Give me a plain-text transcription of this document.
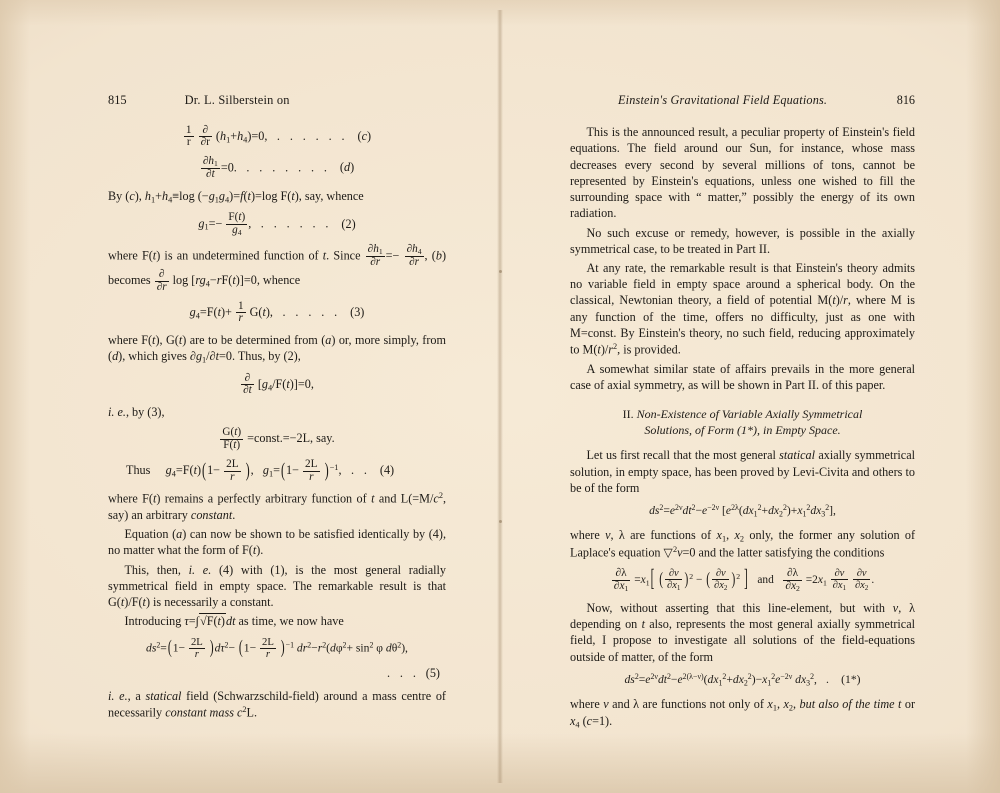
815	Dr. L. Silberstein on
$\frac{1}{r}$
$\frac{\partial}{\partial r} (h_1+h_4)=0$,  . . . . . .  (c)
$\frac{\partial h_1}{\partial t} =0$.  . . . . . . .  (d)

By (c), $h_1+h_4\equiv\log$ $(-g_1g_4)=f(t)=\log$ F(t), say, whence

$g_1=- \frac{F(t)}{g_4}$ ,  . . . . . .  (2)

where F(t) is an undetermined function of t. Since $\frac{\partial h_1}{\partial r} =- \frac{\partial h_4}{\partial r}$ , (b) becomes $\frac{\partial}{\partial r}$ $\log [rg_4-rF(t)]=0$, whence

$g_4=F(t)+ \frac{1}{r} G(t)$,  . . . . .  (3)

where F(t), G(t) are to be determined from (a) or, more simply, from (d), which gives $\partial g_1/\partial t=0$. Thus, by (2),

$\frac{\partial}{\partial t} [g_4/F(t)]=0$,

i. e., by (3),

$\frac{G(t)}{F(t)}$ =const.=−2L, say.
Thus     $g_4=F(t)(1- \frac{2L}{r}$ ),   $g_1=(1- \frac{2L}{r} )^{-1}$,  . .  (4)

where F(t) remains a perfectly arbitrary function of t and $L(=M/c^2$, say) an arbitrary constant.

Equation (a) can now be shown to be satisfied identically by (4), no matter what the form of F(t).

This, then, i. e. (4) with (1), is the most general radially symmetrical field in empty space. The remarkable result is that G(t)/F(t) is necessarily a constant.

Introducing τ=∫√F(t)dt as time, we now have

$ds^2=(1- \frac{2L}{r} )d\tau^2- (1- \frac{2L}{r} )^{-1}$ $dr^2-r^2(d\varphi^2+ \sin^2 \varphi$ $d\theta^2$),
. . . (5)

i. e., a statical field (Schwarzschild-field) around a mass centre of necessarily constant mass $c^2L$.

Einstein's Gravitational Field Equations.	816

This is the announced result, a peculiar property of Einstein's field equations. The field around our Sun, for instance, whose mass decreases every second by several millions of tons, cannot be represented by Einstein's equations, unless one wished to fill the surrounding space with “ matter,” possibly the energy of its own radiation.

No such excuse or remedy, however, is possible in the axially symmetrical case, to be treated in Part II.

At any rate, the remarkable result is that Einstein's theory admits no variable field in empty space around a spherical body. On the classical, Newtonian theory, a field of potential M(t)/r, where M is any function of the time, offers no difficulty, just as one with M=const. By Einstein's theory, no such field, reducing approximately to $M(t)/r^2$, is provided.

A somewhat similar state of affairs prevails in the more general case of axial symmetry, as will be shown in Part II. of this paper.

II. Non-Existence of Variable Axially Symmetrical
Solutions, of Form (1*), in Empty Space.

Let us first recall that the most general statical axially symmetrical solution, in empty space, has been proved by Levi-Civita and others to be of the form

$ds^2=e^{2\nu}dt^2-e^{-2\nu}$ $[e^{2\lambda}(dx_1^2+dx_2^2)+x_1^2dx_3^2]$,

where ν, λ are functions of $x_1$, $x_2$ only, the former any solution of Laplace's equation ▽$^2$ν=0 and the latter satisfying the conditions

$\frac{\partial\lambda}{\partial x_1} =x_1$[ ( $\frac{\partial\nu}{\partial x_1} )^2$ − ( $\frac{\partial\nu}{\partial x_2} )^2$ ]   and $\frac{\partial\lambda}{\partial x_2} =2x_1 \frac{\partial\nu}{\partial x_1}$
$\frac{\partial\nu}{\partial x_2}$ .

Now, without asserting that this line-element, but with ν, λ depending on t also, represents the most general axially symmetrical field, I propose to investigate all solutions of the field-equations outside of matter, of the form

$ds^2=e^{2\nu}dt^2-e^{2(\lambda-\nu)}(dx_1^2+dx_2^2)-x_1^2e^{-2\nu}$ $dx_3^2$,  .  (1*)

where ν and λ are functions not only of $x_1$, $x_2$, but also of the time t or $x_4$ (c=1).
